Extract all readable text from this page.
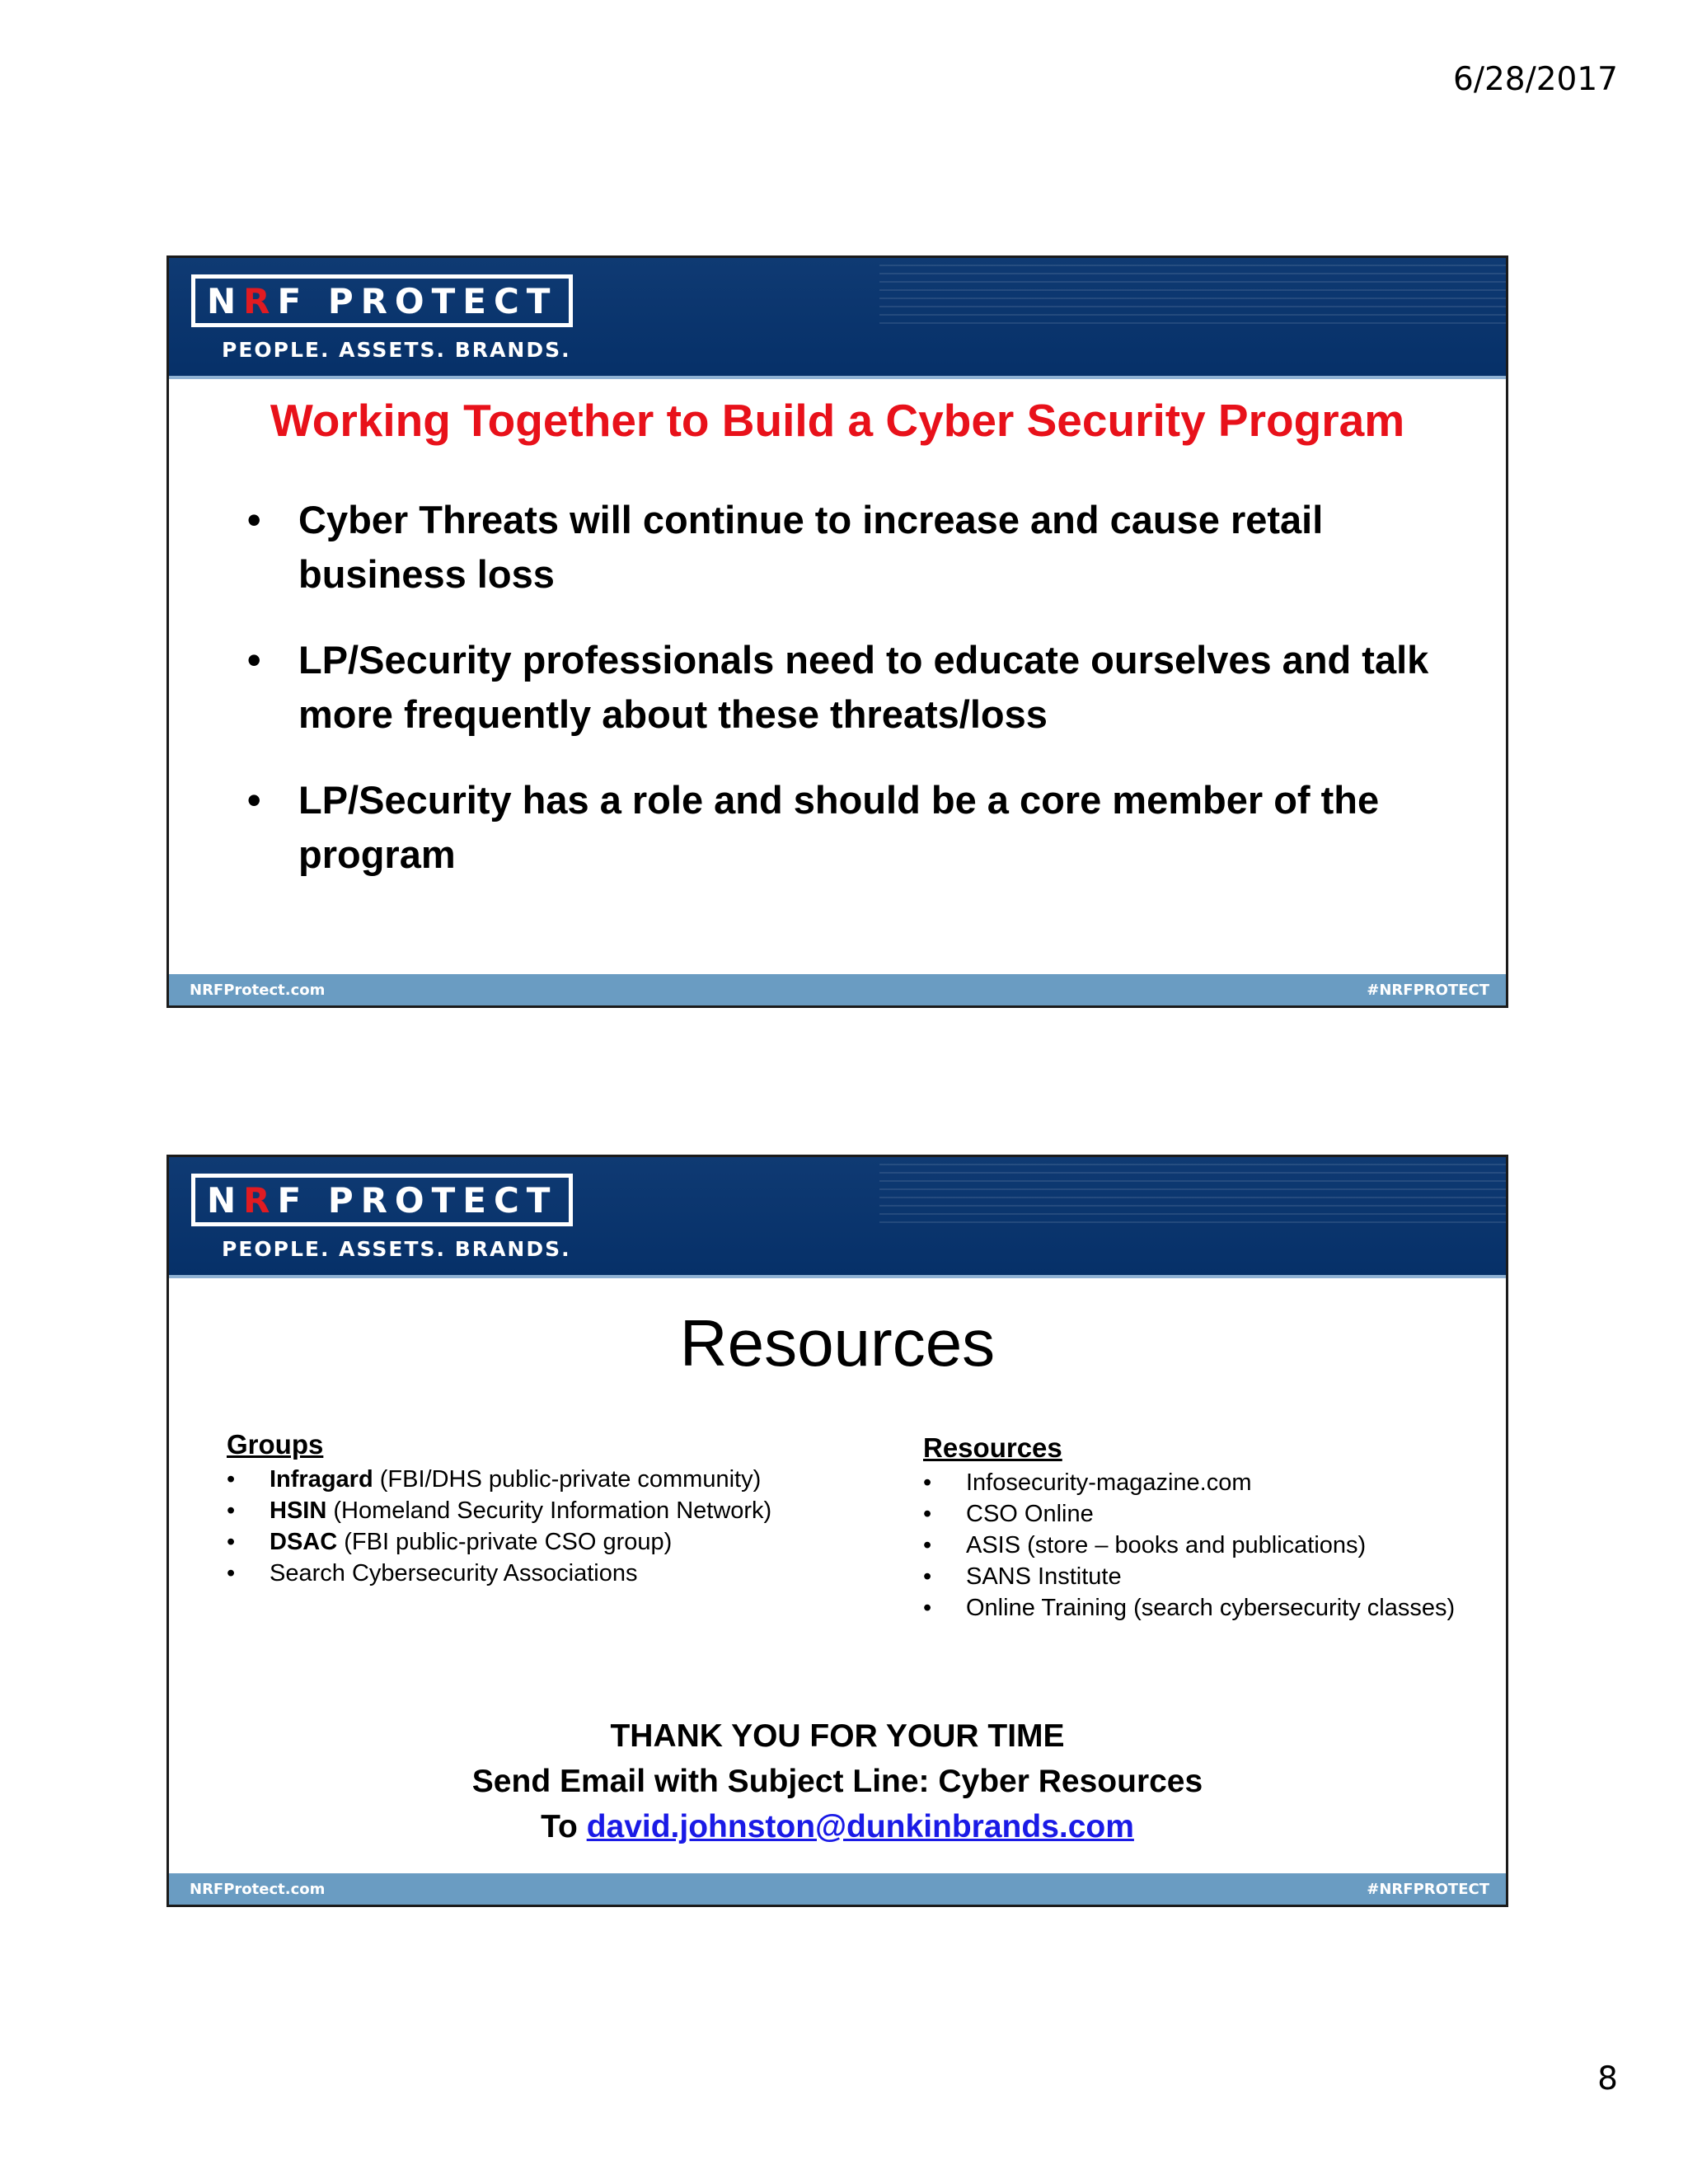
6/28/2017
N R F PROTECT
PEOPLE. ASSETS. BRANDS.
Working Together to Build a Cyber Security Program
• Cyber Threats will continue to increase and cause retail business loss
• LP/Security professionals need to educate ourselves and talk more frequently about these threats/loss
• LP/Security has a role and should be a core member of the program
NRFProtect.com	#NRFPROTECT
N R F PROTECT
PEOPLE. ASSETS. BRANDS.
Resources
Groups
• Infragard (FBI/DHS public-private community)
• HSIN (Homeland Security Information Network)
• DSAC (FBI public-private CSO group)
• Search Cybersecurity Associations
Resources
• Infosecurity-magazine.com
• CSO Online
• ASIS (store – books and publications)
• SANS Institute
• Online Training (search cybersecurity classes)
THANK YOU FOR YOUR TIME
Send Email with Subject Line: Cyber Resources
To david.johnston@dunkinbrands.com
NRFProtect.com	#NRFPROTECT
8
